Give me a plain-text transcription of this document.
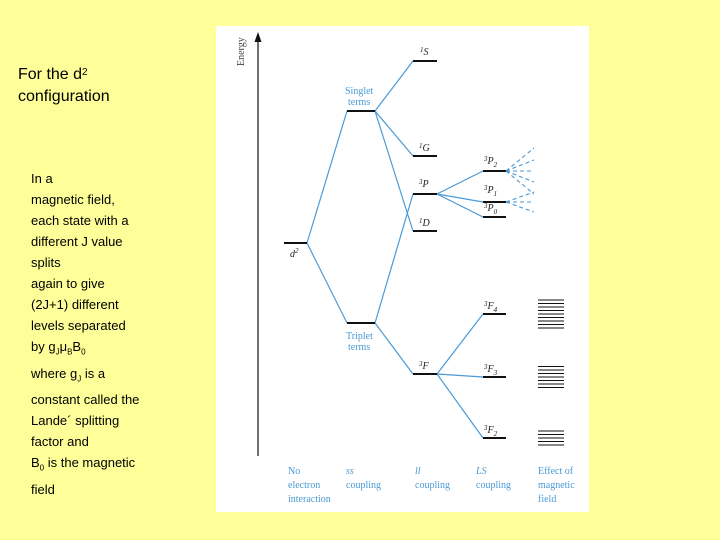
For the $d^2$
configuration
In a
magnetic field,
each state with a
different J value
splits
again to give
(2J+1) different
levels separated
by $g_J\mu_BB_0$
where $g_J$ is a
constant called the
Lande´ splitting
factor and
$B_0$ is the magnetic
field
Energy
$d^2$
Singlet
terms
Triplet
terms
$^1$S
$^1$G
$^3$P
$^1$D
$^3$F
$^3P_2$
$^3P_1$
$^3P_0$
$^3F_4$
$^3F_3$
$^3F_2$
No
electron
interaction
ss
coupling
ll
coupling
LS
coupling
Effect of
magnetic
field
